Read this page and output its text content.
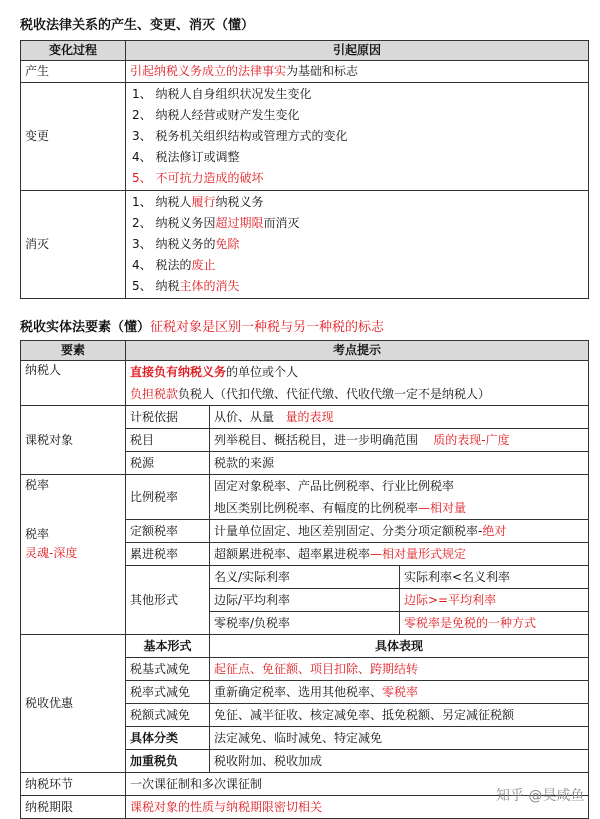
税收法律关系的产生、变更、消灭（懂）
变化过程	引起原因
产生	引起纳税义务成立的法律事实为基础和标志
变更	1、 纳税人自身组织状况发生变化
2、 纳税人经营或财产发生变化
3、 税务机关组织结构或管理方式的变化
4、 税法修订或调整
5、 不可抗力造成的破坏

消灭	1、 纳税人履行纳税义务
2、 纳税义务因超过期限而消灭
3、 纳税义务的免除
4、 税法的废止
5、 纳税主体的消失
税收实体法要素（懂）征税对象是区别一种税与另一种税的标志
要素	考点提示		
纳税人	直接负有纳税义务的单位或个人		
	负担税款负税人（代扣代缴、代征代缴、代收代缴一定不是纳税人）		
课税对象	计税依据	从价、从量 量的表现	
	税目	列举税目、概括税目，进一步明确范围 质的表现-广度	
	税源	税款的来源	

税率
税率
灵魂-深度	比例税率	固定对象税率、产品比例税率、行业比例税率	
		地区类别比例税率、有幅度的比例税率—相对量	
	定额税率	计量单位固定、地区差别固定、分类分项定额税率-绝对	
	累进税率	超额累进税率、超率累进税率—相对量形式规定	
	其他形式	名义/实际利率	实际利率<名义利率
		边际/平均利率	边际>=平均利率
		零税率/负税率	零税率是免税的一种方式
税收优惠	基本形式	具体表现	
	税基式减免	起征点、免征额、项目扣除、跨期结转	
	税率式减免	重新确定税率、选用其他税率、零税率	
	税额式减免	免征、减半征收、核定减免率、抵免税额、另定减征税额	
	具体分类	法定减免、临时减免、特定减免	
	加重税负	税收附加、税收加成	
纳税环节	一次课征制和多次课征制		
纳税期限	课税对象的性质与纳税期限密切相关		
知乎 @昊咸鱼
